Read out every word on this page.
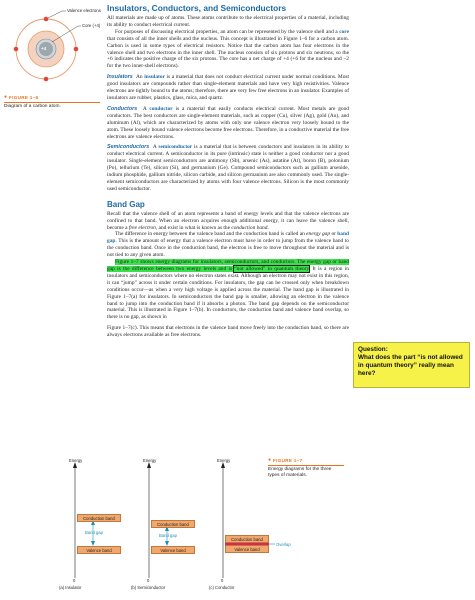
+4
Valence electrons
Core (+4)
● FIGURE 1–6
Diagram of a carbon atom.
Insulators, Conductors, and Semiconductors

All materials are made up of atoms. These atoms contribute to the electrical properties of a material, including its ability to conduct electrical current.

For purposes of discussing electrical properties, an atom can be represented by the valence shell and a core that consists of all the inner shells and the nucleus. This concept is illustrated in Figure 1–6 for a carbon atom. Carbon is used in some types of electrical resistors. Notice that the carbon atom has four electrons in the valence shell and two electrons in the inner shell. The nucleus consists of six protons and six neutrons, so the +6 indicates the positive charge of the six protons. The core has a net charge of +4 (+6 for the nucleus and −2 for the two inner-shell electrons).

Insulators An insulator is a material that does not conduct electrical current under normal conditions. Most good insulators are compounds rather than single-element materials and have very high resistivities. Valence electrons are tightly bound to the atoms; therefore, there are very few free electrons in an insulator. Examples of insulators are rubber, plastics, glass, mica, and quartz.

Conductors A conductor is a material that easily conducts electrical current. Most metals are good conductors. The best conductors are single-element materials, such as copper (Cu), silver (Ag), gold (Au), and aluminum (Al), which are characterized by atoms with only one valence electron very loosely bound to the atom. These loosely bound valence electrons become free electrons. Therefore, in a conductive material the free electrons are valence electrons.

Semiconductors A semiconductor is a material that is between conductors and insulators in its ability to conduct electrical current. A semiconductor in its pure (intrinsic) state is neither a good conductor nor a good insulator. Single-element semiconductors are antimony (Sb), arsenic (As), astatine (At), boron (B), polonium (Po), tellurium (Te), silicon (Si), and germanium (Ge). Compound semiconductors such as gallium arsenide, indium phosphide, gallium nitride, silicon carbide, and silicon germanium are also commonly used. The single-element semiconductors are characterized by atoms with four valence electrons. Silicon is the most commonly used semiconductor.

Band Gap

Recall that the valence shell of an atom represents a band of energy levels and that the valence electrons are confined to that band. When an electron acquires enough additional energy, it can leave the valence shell, become a free electron, and exist in what is known as the conduction band.

The difference in energy between the valence band and the conduction band is called an energy gap or band gap. This is the amount of energy that a valence electron must have in order to jump from the valence band to the conduction band. Once in the conduction band, the electron is free to move throughout the material and is not tied to any given atom.

Figure 1–7 shows energy diagrams for insulators, semiconductors, and conductors. The energy gap or band gap is the difference between two energy levels and is “not allowed” in quantum theory. It is a region in insulators and semiconductors where no electron states exist. Although an electron may not exist in this region, it can “jump” across it under certain conditions. For insulators, the gap can be crossed only when breakdown conditions occur—as when a very high voltage is applied across the material. The band gap is illustrated in Figure 1–7(a) for insulators. In semiconductors the band gap is smaller, allowing an electron in the valence band to jump into the conduction band if it absorbs a photon. The band gap depends on the semiconductor material. This is illustrated in Figure 1–7(b). In conductors, the conduction band and valence band overlap, so there is no gap, as shown in

Figure 1–7(c). This means that electrons in the valence band move freely into the conduction band, so there are always electrons available as free electrons.

Question:
What does the part “is not allowed in quantum theory” really mean here?
Energy
Conduction band
Band gap
Valence band
0
(a) Insulator
Energy
Conduction band
Band gap
Valence band
0
(b) Semiconductor
Energy
Conduction band
Valence band
Overlap
0
(c) Conductor
● FIGURE 1–7
Energy diagrams for the three types of materials.
